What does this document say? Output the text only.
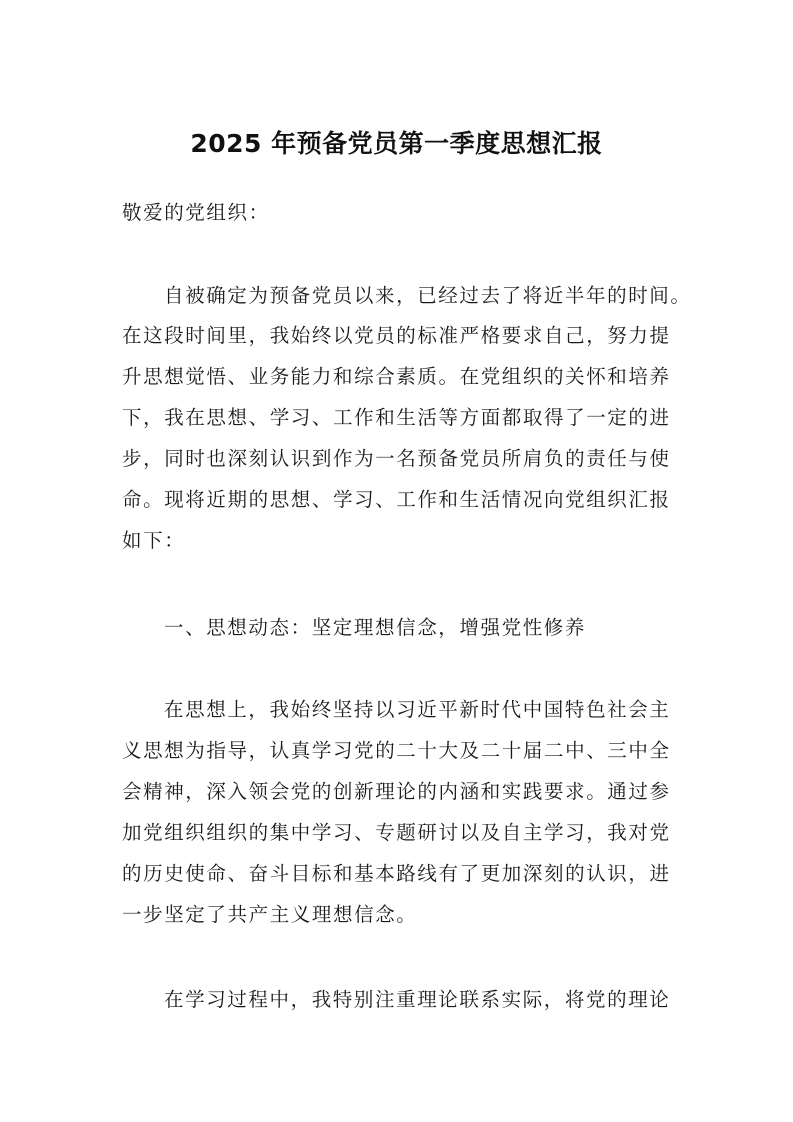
2025 年预备党员第一季度思想汇报
敬爱的党组织：
自被确定为预备党员以来，已经过去了将近半年的时间。
在这段时间里，我始终以党员的标准严格要求自己，努力提
升思想觉悟、业务能力和综合素质。在党组织的关怀和培养
下，我在思想、学习、工作和生活等方面都取得了一定的进
步，同时也深刻认识到作为一名预备党员所肩负的责任与使
命。现将近期的思想、学习、工作和生活情况向党组织汇报
如下：
一、思想动态：坚定理想信念，增强党性修养
在思想上，我始终坚持以习近平新时代中国特色社会主
义思想为指导，认真学习党的二十大及二十届二中、三中全
会精神，深入领会党的创新理论的内涵和实践要求。通过参
加党组织组织的集中学习、专题研讨以及自主学习，我对党
的历史使命、奋斗目标和基本路线有了更加深刻的认识，进
一步坚定了共产主义理想信念。
在学习过程中，我特别注重理论联系实际，将党的理论
